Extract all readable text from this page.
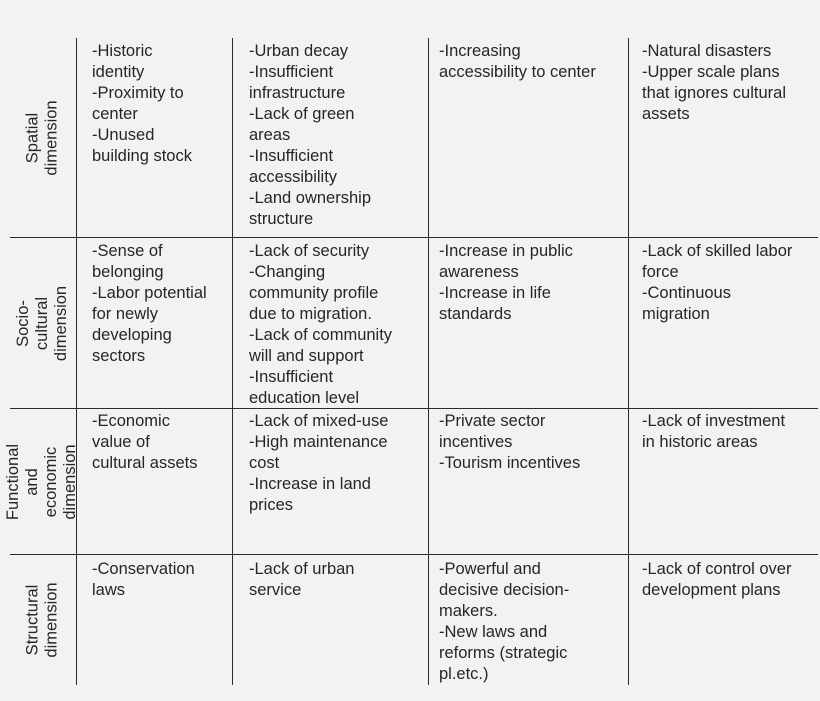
Spatial dimension
Socio-cultural
dimension
Functional and
economic
dimension
Structural
dimension

-Historic
identity
-Proximity to
center
-Unused
building stock

-Urban decay
-Insufficient
infrastructure
-Lack of green
areas
-Insufficient
accessibility
-Land ownership
structure

-Increasing
accessibility to center

-Natural disasters
-Upper scale plans
that ignores cultural
assets

-Sense of
belonging
-Labor potential
for newly
developing
sectors

-Lack of security
-Changing
community profile
due to migration.
-Lack of community
will and support
-Insufficient
education level

-Increase in public
awareness
-Increase in life
standards

-Lack of skilled labor
force
-Continuous
migration

-Economic
value of
cultural assets

-Lack of mixed-use
-High maintenance
cost
-Increase in land
prices

-Private sector
incentives
-Tourism incentives

-Lack of investment
in historic areas

-Conservation
laws

-Lack of urban
service

-Powerful and
decisive decision-
makers.
-New laws and
reforms (strategic
pl.etc.)

-Lack of control over
development plans
